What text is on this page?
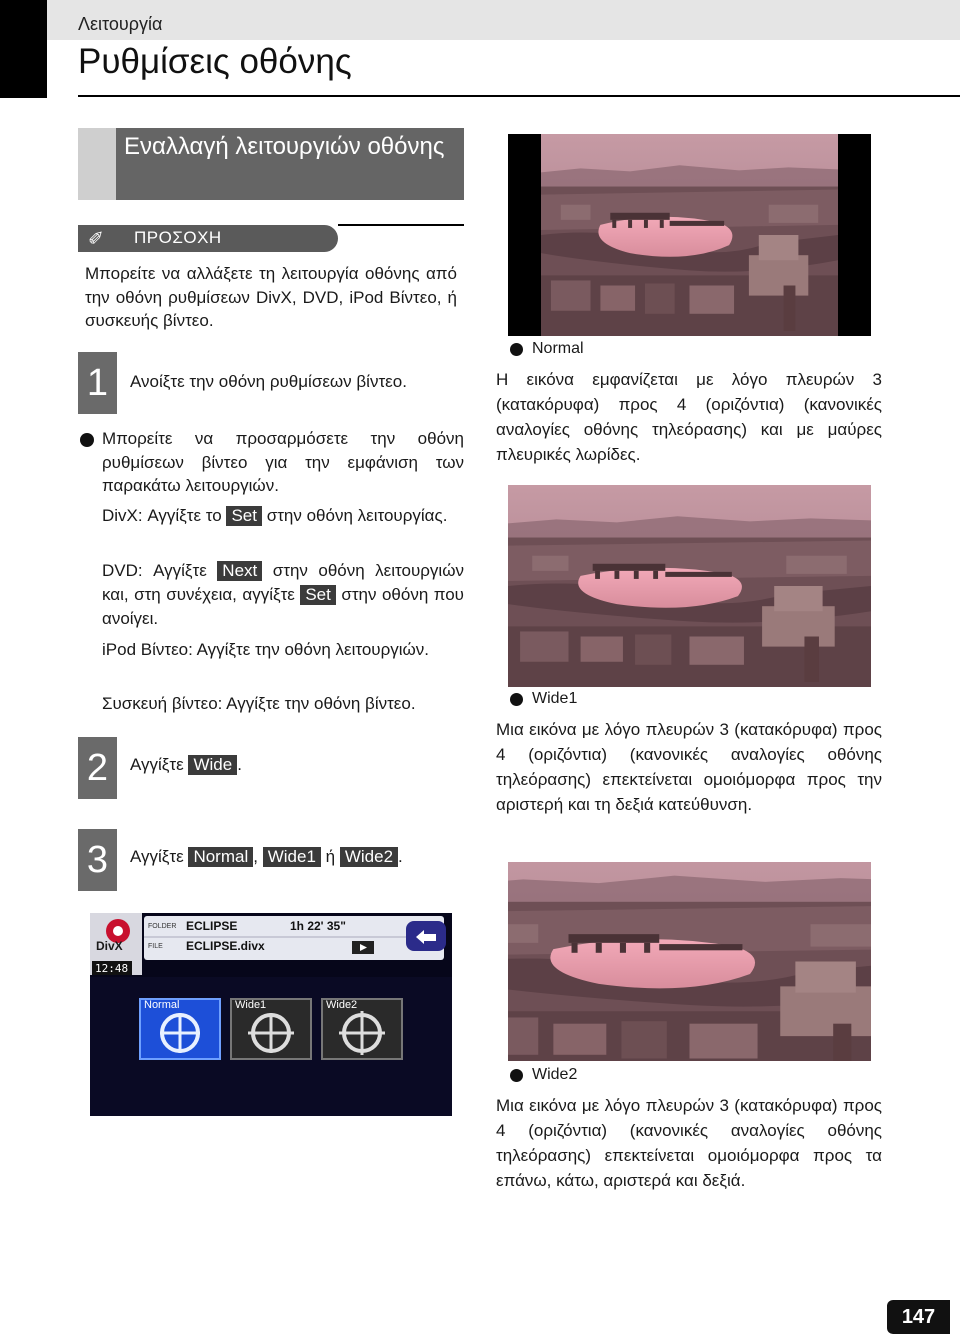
Λειτουργία
Ρυθμίσεις οθόνης
Εναλλαγή λειτουργιών οθόνης
✐ ΠΡΟΣΟΧΗ
Μπορείτε να αλλάξετε τη λειτουργία οθόνης από την οθόνη ρυθμίσεων DivX, DVD, iPod Βίντεο, ή συσκευής βίντεο.
1	Ανοίξτε την οθόνη ρυθμίσεων βίντεο.
Μπορείτε να προσαρμόσετε την οθόνη ρυθμίσεων βίντεο για την εμφάνιση των παρακάτω λειτουργιών.
DivX: Αγγίξτε το Set στην οθόνη λειτουργίας.
DVD: Αγγίξτε Next στην οθόνη λειτουργιών και, στη συνέχεια, αγγίξτε Set στην οθόνη που ανοίγει.
iPod Βίντεο: Αγγίξτε την οθόνη λειτουργιών.
Συσκευή βίντεο: Αγγίξτε την οθόνη βίντεο.
2	Αγγίξτε Wide .
3	Αγγίξτε Normal , Wide1 ή Wide2 .
DivX
12:48
FOLDER ECLIPSE
FILE ECLIPSE.divx
1h 22' 35"
Normal	Wide1	Wide2
Normal
Η εικόνα εμφανίζεται με λόγο πλευρών 3 (κατακόρυφα) προς 4 (οριζόντια) (κανονικές αναλογίες οθόνης τηλεόρασης) και με μαύρες πλευρικές λωρίδες.
Wide1
Μια εικόνα με λόγο πλευρών 3 (κατακόρυφα) προς 4 (οριζόντια) (κανονικές αναλογίες οθόνης τηλεόρασης) επεκτείνεται ομοιόμορφα προς την αριστερή και τη δεξιά κατεύθυνση.
Wide2
Μια εικόνα με λόγο πλευρών 3 (κατακόρυφα) προς 4 (οριζόντια) (κανονικές αναλογίες οθόνης τηλεόρασης) επεκτείνεται ομοιόμορφα προς τα επάνω, κάτω, αριστερά και δεξιά.
147
